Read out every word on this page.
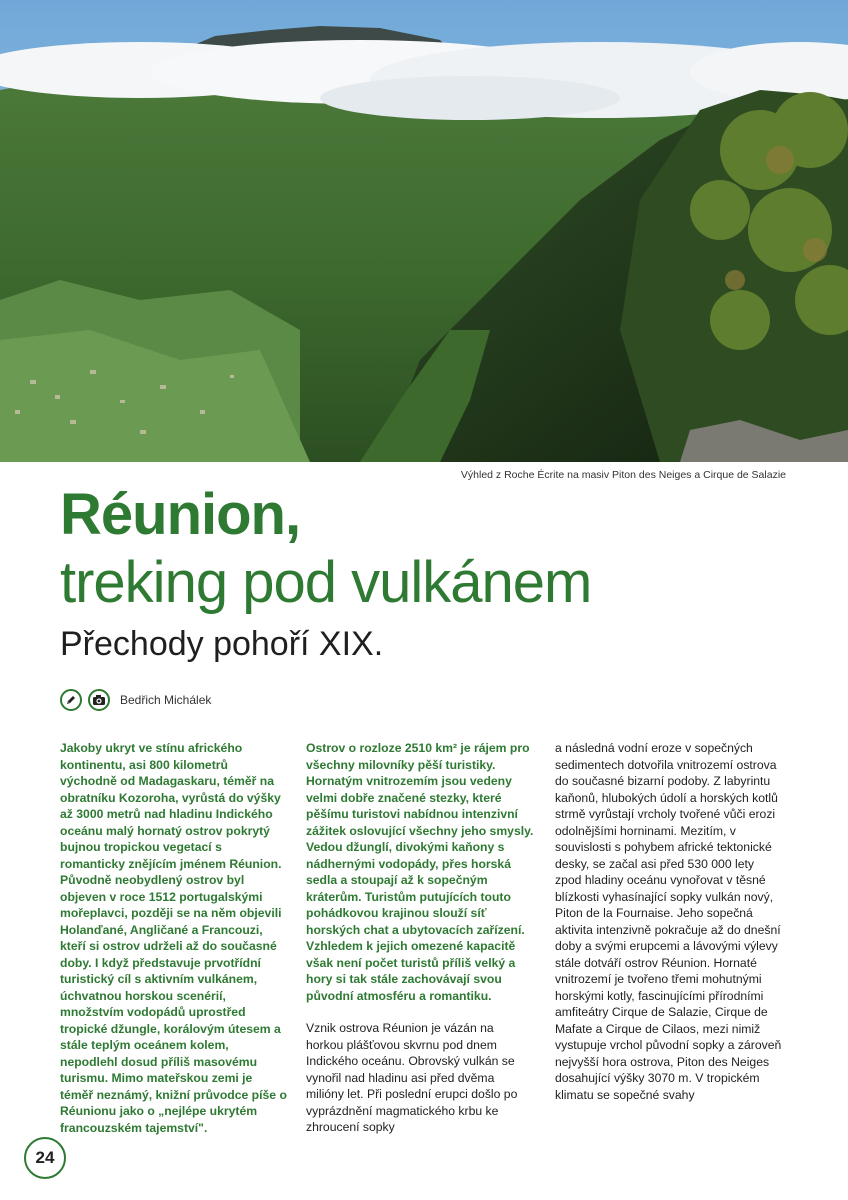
Výhled z Roche Écrite na masiv Piton des Neiges a Cirque de Salazie
Réunion,
treking pod vulkánem
Přechody pohoří XIX.
Bedřich Michálek

Jakoby ukryt ve stínu afrického kontinentu, asi 800 kilometrů východně od Madagaskaru, téměř na obratníku Kozoroha, vyrůstá do výšky až 3000 metrů nad hladinu Indického oceánu malý hornatý ostrov pokrytý bujnou tropickou vegetací s romanticky znějícím jménem Réunion. Původně neobydlený ostrov byl objeven v roce 1512 portugalskými mořeplavci, později se na něm objevili Holanďané, Angličané a Francouzi, kteří si ostrov udrželi až do současné doby. I když představuje prvotřídní turistický cíl s aktivním vulkánem, úchvatnou horskou scenérií, množstvím vodopádů uprostřed tropické džungle, korálovým útesem a stále teplým oceánem kolem, nepodlehl dosud příliš masovému turismu. Mimo mateřskou zemi je téměř neznámý, knižní průvodce píše o Réunionu jako o „nejlépe ukrytém francouzském tajemství".

Ostrov o rozloze 2510 km² je rájem pro všechny milovníky pěší turistiky. Hornatým vnitrozemím jsou vedeny velmi dobře značené stezky, které pěšímu turistovi nabídnou intenzivní zážitek oslovující všechny jeho smysly. Vedou džunglí, divokými kaňony s nádhernými vodopády, přes horská sedla a stoupají až k sopečným kráterům. Turistům putujících touto pohádkovou krajinou slouží síť horských chat a ubytovacích zařízení. Vzhledem k jejich omezené kapacitě však není počet turistů příliš velký a hory si tak stále zachovávají svou původní atmosféru a romantiku.

Vznik ostrova Réunion je vázán na horkou plášťovou skvrnu pod dnem Indického oceánu. Obrovský vulkán se vynořil nad hladinu asi před dvěma milióny let. Při poslední erupci došlo po vyprázdnění magmatického krbu ke zhroucení sopky

a následná vodní eroze v sopečných sedimentech dotvořila vnitrozemí ostrova do současné bizarní podoby. Z labyrintu kaňonů, hlubokých údolí a horských kotlů strmě vyrůstají vrcholy tvořené vůči erozi odolnějšími horninami. Mezitím, v souvislosti s pohybem africké tektonické desky, se začal asi před 530 000 lety zpod hladiny oceánu vynořovat v těsné blízkosti vyhasínající sopky vulkán nový, Piton de la Fournaise. Jeho sopečná aktivita intenzivně pokračuje až do dnešní doby a svými erupcemi a lávovými výlevy stále dotváří ostrov Réunion. Hornaté vnitrozemí je tvořeno třemi mohutnými horskými kotly, fascinujícími přírodními amfiteátry Cirque de Salazie, Cirque de Mafate a Cirque de Cilaos, mezi nimiž vystupuje vrchol původní sopky a zároveň nejvyšší hora ostrova, Piton des Neiges dosahující výšky 3070 m. V tropickém klimatu se sopečné svahy

24
